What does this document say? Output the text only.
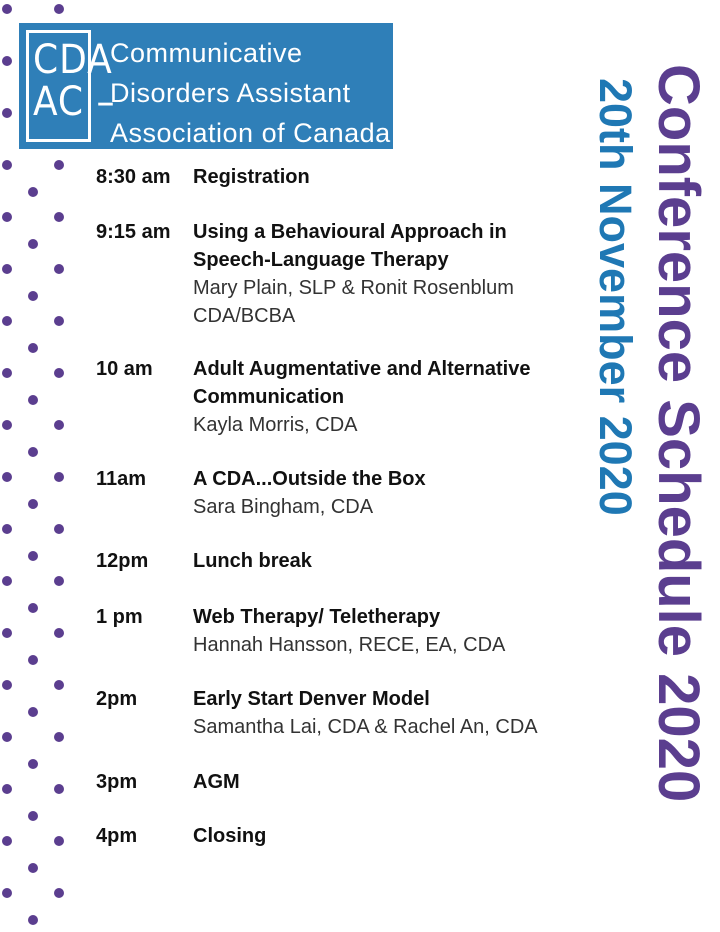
CDA
AC –
Communicative
Disorders Assistant
Association of Canada	Conference Schedule 2020
20th November 2020
8:30 am Registration
9:15 am Using a Behavioural Approach in
Speech-Language Therapy
Mary Plain, SLP & Ronit Rosenblum
CDA/BCBA
10 am Adult Augmentative and Alternative
Communication
Kayla Morris, CDA
11am A CDA...Outside the Box
Sara Bingham, CDA
12pm Lunch break
1 pm	Web Therapy/ Teletherapy
Hannah Hansson, RECE, EA, CDA
2pm	Early Start Denver Model
Samantha Lai, CDA & Rachel An, CDA
3pm	AGM
4pm	Closing
